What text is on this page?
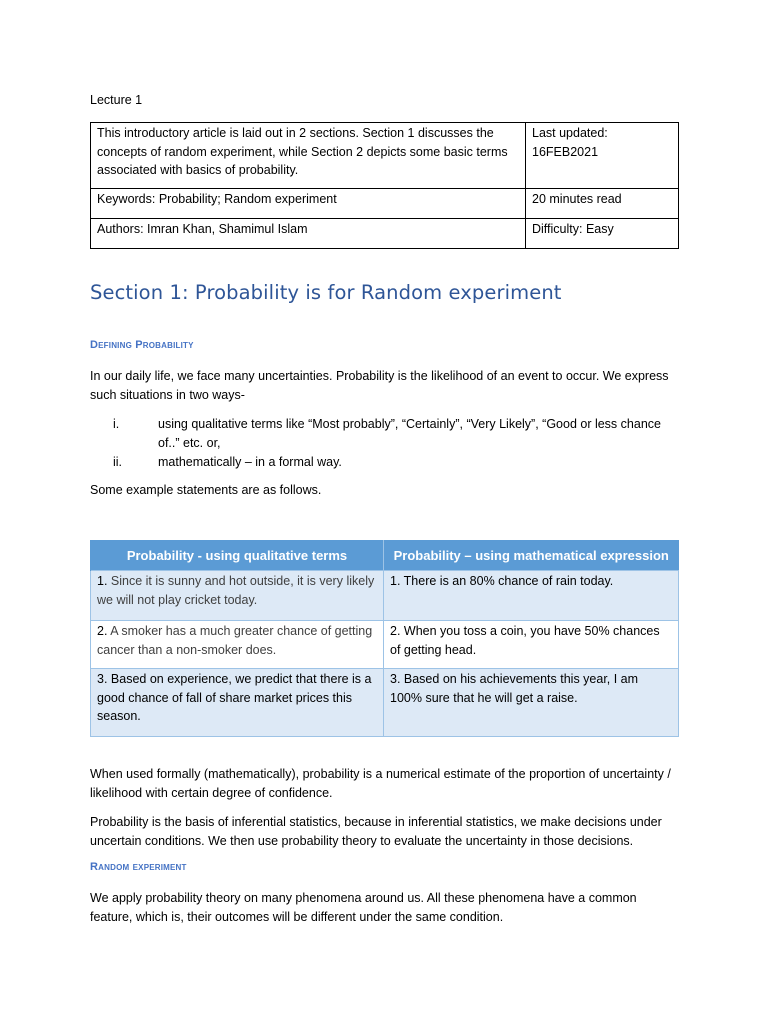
Lecture 1
This introductory article is laid out in 2 sections. Section 1 discusses the concepts of random experiment, while Section 2 depicts some basic terms associated with basics of probability.	Last updated:
16FEB2021

Keywords: Probability; Random experiment	20 minutes read
Authors: Imran Khan, Shamimul Islam	Difficulty: Easy
Section 1: Probability is for Random experiment
Defining Probability

In our daily life, we face many uncertainties. Probability is the likelihood of an event to occur. We express such situations in two ways-

i.	using qualitative terms like “Most probably”, “Certainly”, “Very Likely”, “Good or less chance of..” etc. or,
ii.	mathematically – in a formal way.

Some example statements are as follows.

Probability - using qualitative terms	Probability – using mathematical expression
1. Since it is sunny and hot outside, it is very likely we will not play cricket today.	1. There is an 80% chance of rain today.
2. A smoker has a much greater chance of getting cancer than a non-smoker does.	2. When you toss a coin, you have 50% chances of getting head.
3. Based on experience, we predict that there is a good chance of fall of share market prices this season.	3. Based on his achievements this year, I am 100% sure that he will get a raise.

When used formally (mathematically), probability is a numerical estimate of the proportion of uncertainty / likelihood with certain degree of confidence.

Probability is the basis of inferential statistics, because in inferential statistics, we make decisions under uncertain conditions. We then use probability theory to evaluate the uncertainty in those decisions.

Random experiment

We apply probability theory on many phenomena around us. All these phenomena have a common feature, which is, their outcomes will be different under the same condition.
